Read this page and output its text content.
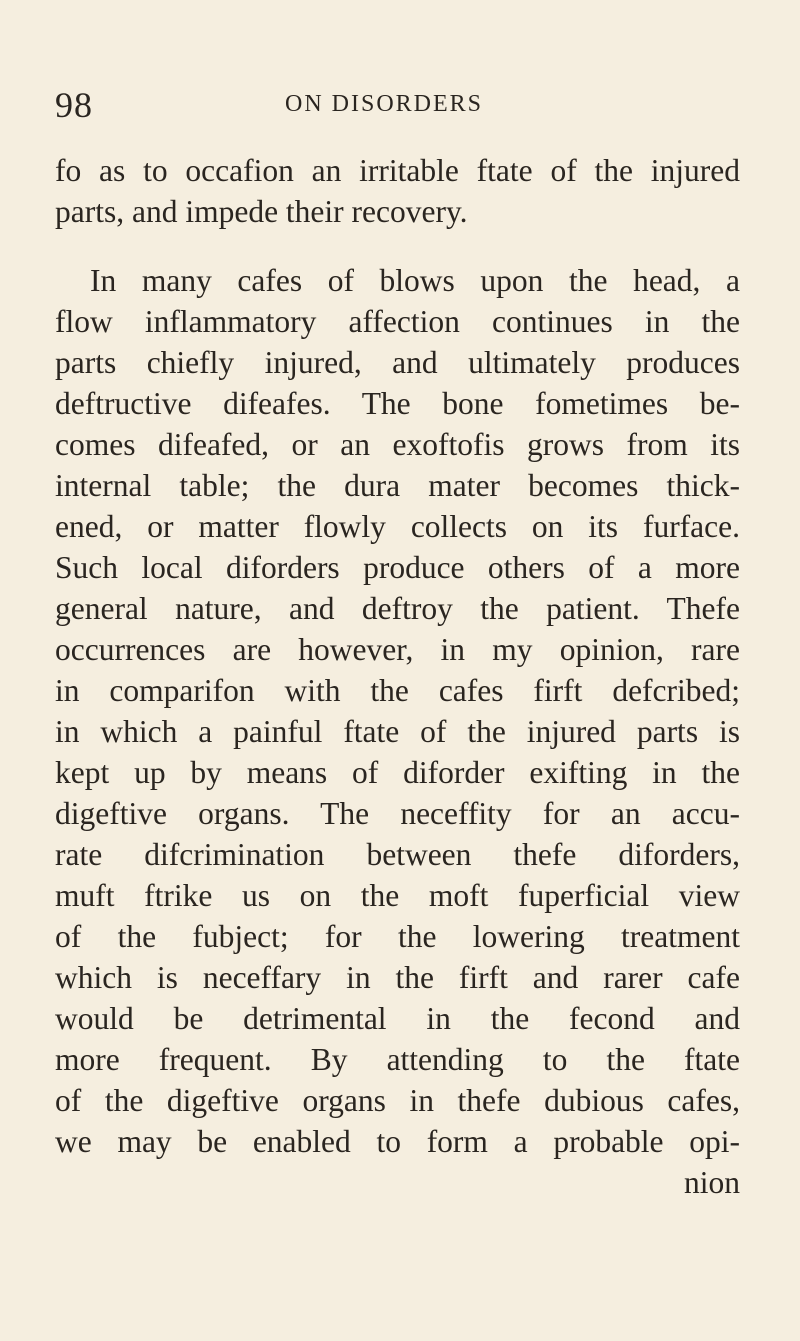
98	ON DISORDERS
fo as to occafion an irritable ftate of the injured
parts, and impede their recovery.
In many cafes of blows upon the head, a
flow inflammatory affection continues in the
parts chiefly injured, and ultimately produces
deftructive difeafes. The bone fometimes be-
comes difeafed, or an exoftofis grows from its
internal table; the dura mater becomes thick-
ened, or matter flowly collects on its furface.
Such local diforders produce others of a more
general nature, and deftroy the patient. Thefe
occurrences are however, in my opinion, rare
in comparifon with the cafes firft defcribed;
in which a painful ftate of the injured parts is
kept up by means of diforder exifting in the
digeftive organs. The neceffity for an accu-
rate difcrimination between thefe diforders,
muft ftrike us on the moft fuperficial view
of the fubject; for the lowering treatment
which is neceffary in the firft and rarer cafe
would be detrimental in the fecond and
more frequent. By attending to the ftate
of the digeftive organs in thefe dubious cafes,
we may be enabled to form a probable opi-
nion
